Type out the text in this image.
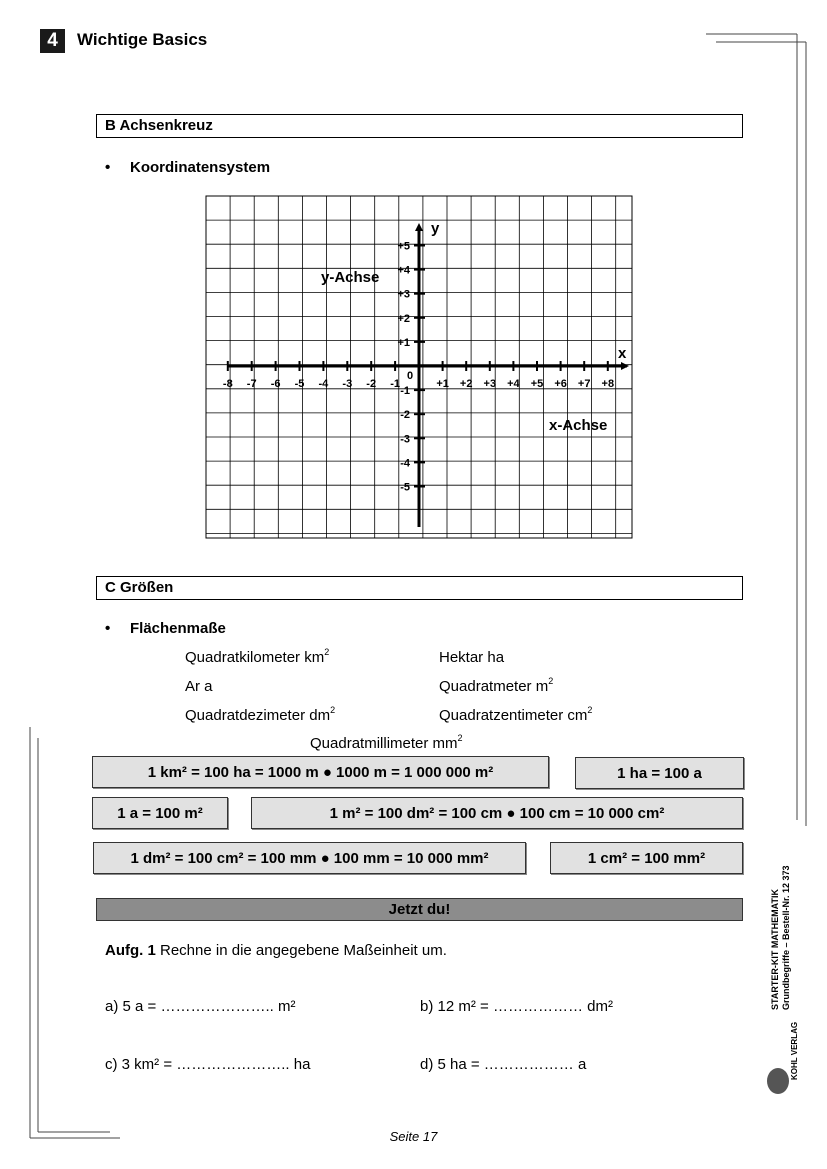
4	Wichtige Basics
B Achsenkreuz
• Koordinatensystem
-8 -7 -6 -5 -4 -3 -2 -1	+1 +2 +3 +4 +5 +6 +7 +8
+5
+4
+3
+2
+1
-1
-2
-3
-4
-5
0
y
x
y-Achse
x-Achse
C Größen
• Flächenmaße
Quadratkilometer $km^2$	Hektar ha
Ar a	Quadratmeter $m^2$
Quadratdezimeter $dm^2$	Quadratzentimeter $cm^2$
Quadratmillimeter $mm^2$
1 km² = 100 ha = 1000 m ● 1000 m = 1 000 000 m²	1 ha = 100 a
1 a = 100 m²	1 m² = 100 dm² = 100 cm ● 100 cm = 10 000 cm²
1 dm² = 100 cm² = 100 mm ● 100 mm = 10 000 mm²	1 cm² = 100 mm²
Jetzt du!
Aufg. 1 Rechne in die angegebene Maßeinheit um.
a) 5 a = ………………….. m²	b) 12 m² = ……………… dm²
c) 3 km² = ………………….. ha	d) 5 ha = ……………… a
STARTER-KIT MATHEMATIK Grundbegriffe – Bestell-Nr. 12 373
KOHL VERLAG
Seite 17
